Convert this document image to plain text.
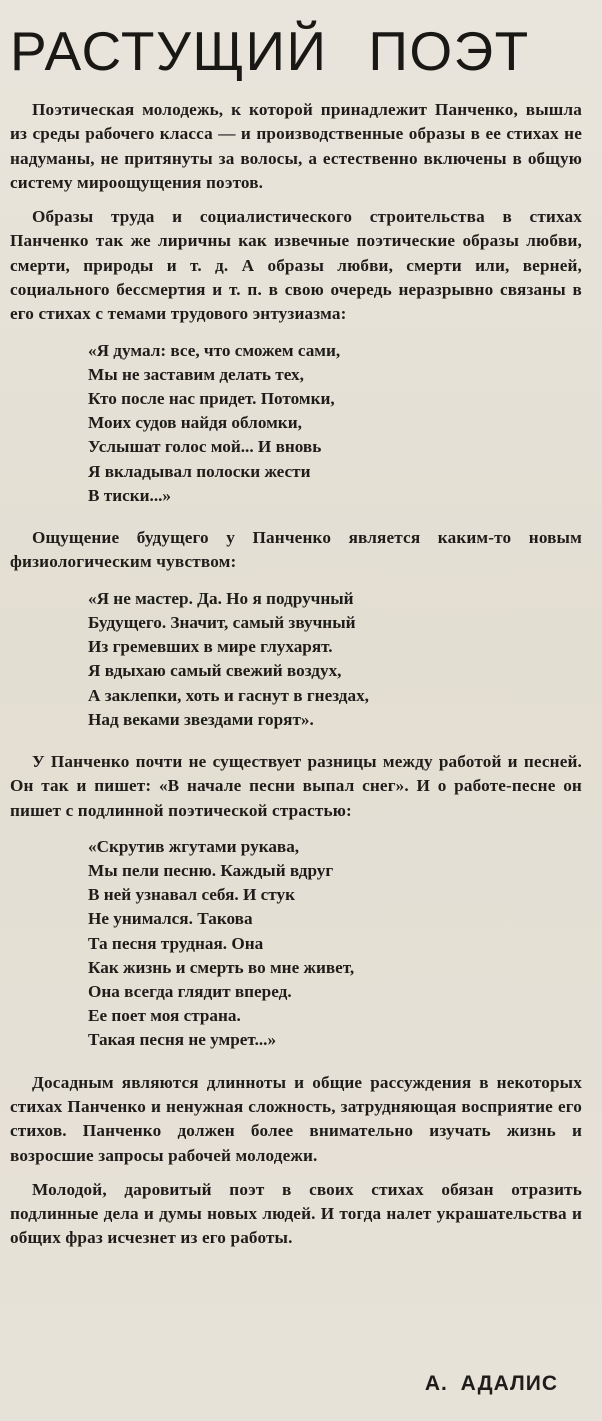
РАСТУЩИЙ ПОЭТ

Поэтическая молодежь, к которой принадлежит Панченко, вышла из среды рабочего класса — и производственные образы в ее стихах не надуманы, не притянуты за волосы, а естественно включены в общую систему мироощущения поэтов.

Образы труда и социалистического строительства в стихах Панченко так же лиричны как извечные поэтические образы любви, смерти, природы и т. д. А образы любви, смерти или, верней, социального бессмертия и т. п. в свою очередь неразрывно связаны в его стихах с темами трудового энтузиазма:

«Я думал: все, что сможем сами,
Мы не заставим делать тех,
Кто после нас придет. Потомки,
Моих судов найдя обломки,
Услышат голос мой... И вновь
Я вкладывал полоски жести
В тиски...»

Ощущение будущего у Панченко является каким-то новым физиологическим чувством:

«Я не мастер. Да. Но я подручный
Будущего. Значит, самый звучный
Из гремевших в мире глухарят.
Я вдыхаю самый свежий воздух,
А заклепки, хоть и гаснут в гнездах,
Над веками звездами горят».

У Панченко почти не существует разницы между работой и песней. Он так и пишет: «В начале песни выпал снег». И о работе-песне он пишет с подлинной поэтической страстью:

«Скрутив жгутами рукава,
Мы пели песню. Каждый вдруг
В ней узнавал себя. И стук
Не унимался. Такова
Та песня трудная. Она
Как жизнь и смерть во мне живет,
Она всегда глядит вперед.
Ее поет моя страна.
Такая песня не умрет...»

Досадным являются длинноты и общие рассуждения в некоторых стихах Панченко и ненужная сложность, затрудняющая восприятие его стихов. Панченко должен более внимательно изучать жизнь и возросшие запросы рабочей молодежи.

Молодой, даровитый поэт в своих стихах обязан отразить подлинные дела и думы новых людей. И тогда налет украшательства и общих фраз исчезнет из его работы.

А. АДАЛИС
